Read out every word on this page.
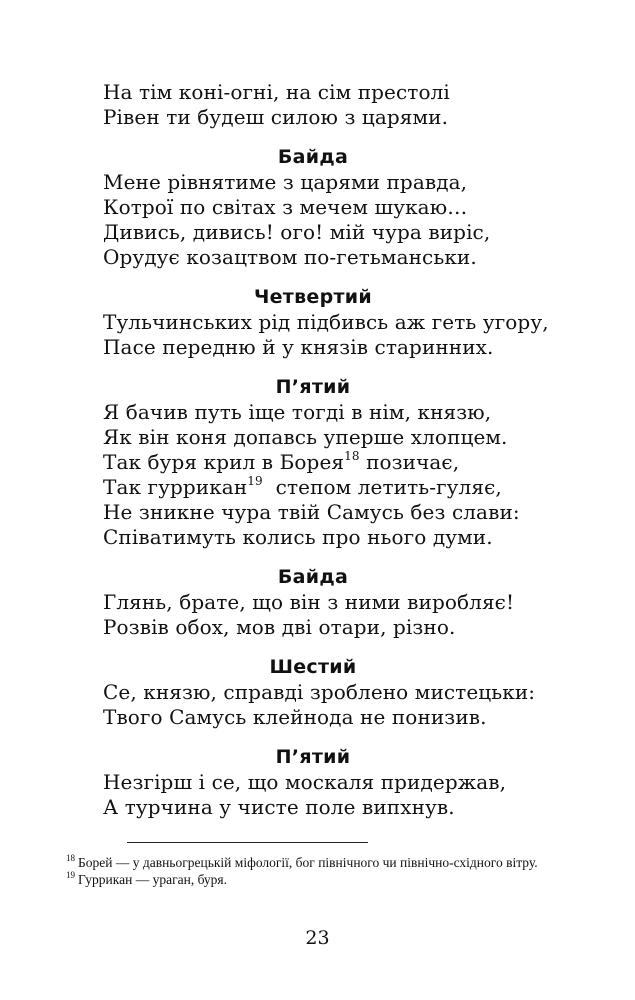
На тім коні-огні, на сім престолі
Рівен ти будеш силою з царями.
Байда
Мене рівнятиме з царями правда,
Котрої по світах з мечем шукаю…
Дивись, дивись! ого! мій чура виріс,
Орудує козацтвом по-гетьманськи.
Четвертий
Тульчинських рід підбивсь аж геть угору,
Пасе передню й у князів старинних.
П’ятий
Я бачив путь іще тогді в нім, князю,
Як він коня допавсь уперше хлопцем.
Так буря крил в Борея$^{18}$ позичає,
Так гуррикан$^{19}$  степом летить-гуляє,
Не зникне чура твій Самусь без слави:
Співатимуть колись про нього думи.
Байда
Глянь, брате, що він з ними виробляє!
Розвів обох, мов дві отари, різно.
Шестий
Се, князю, справді зроблено мистецьки:
Твого Самусь клейнода не понизив.
П’ятий
Незгірш і се, що москаля придержав,
А турчина у чисте поле випхнув.
$^{18}$ Борей — у давньогрецькій міфології, бог північного чи північно-східного вітру.
$^{19}$ Гуррикан — ураган, буря.
23
